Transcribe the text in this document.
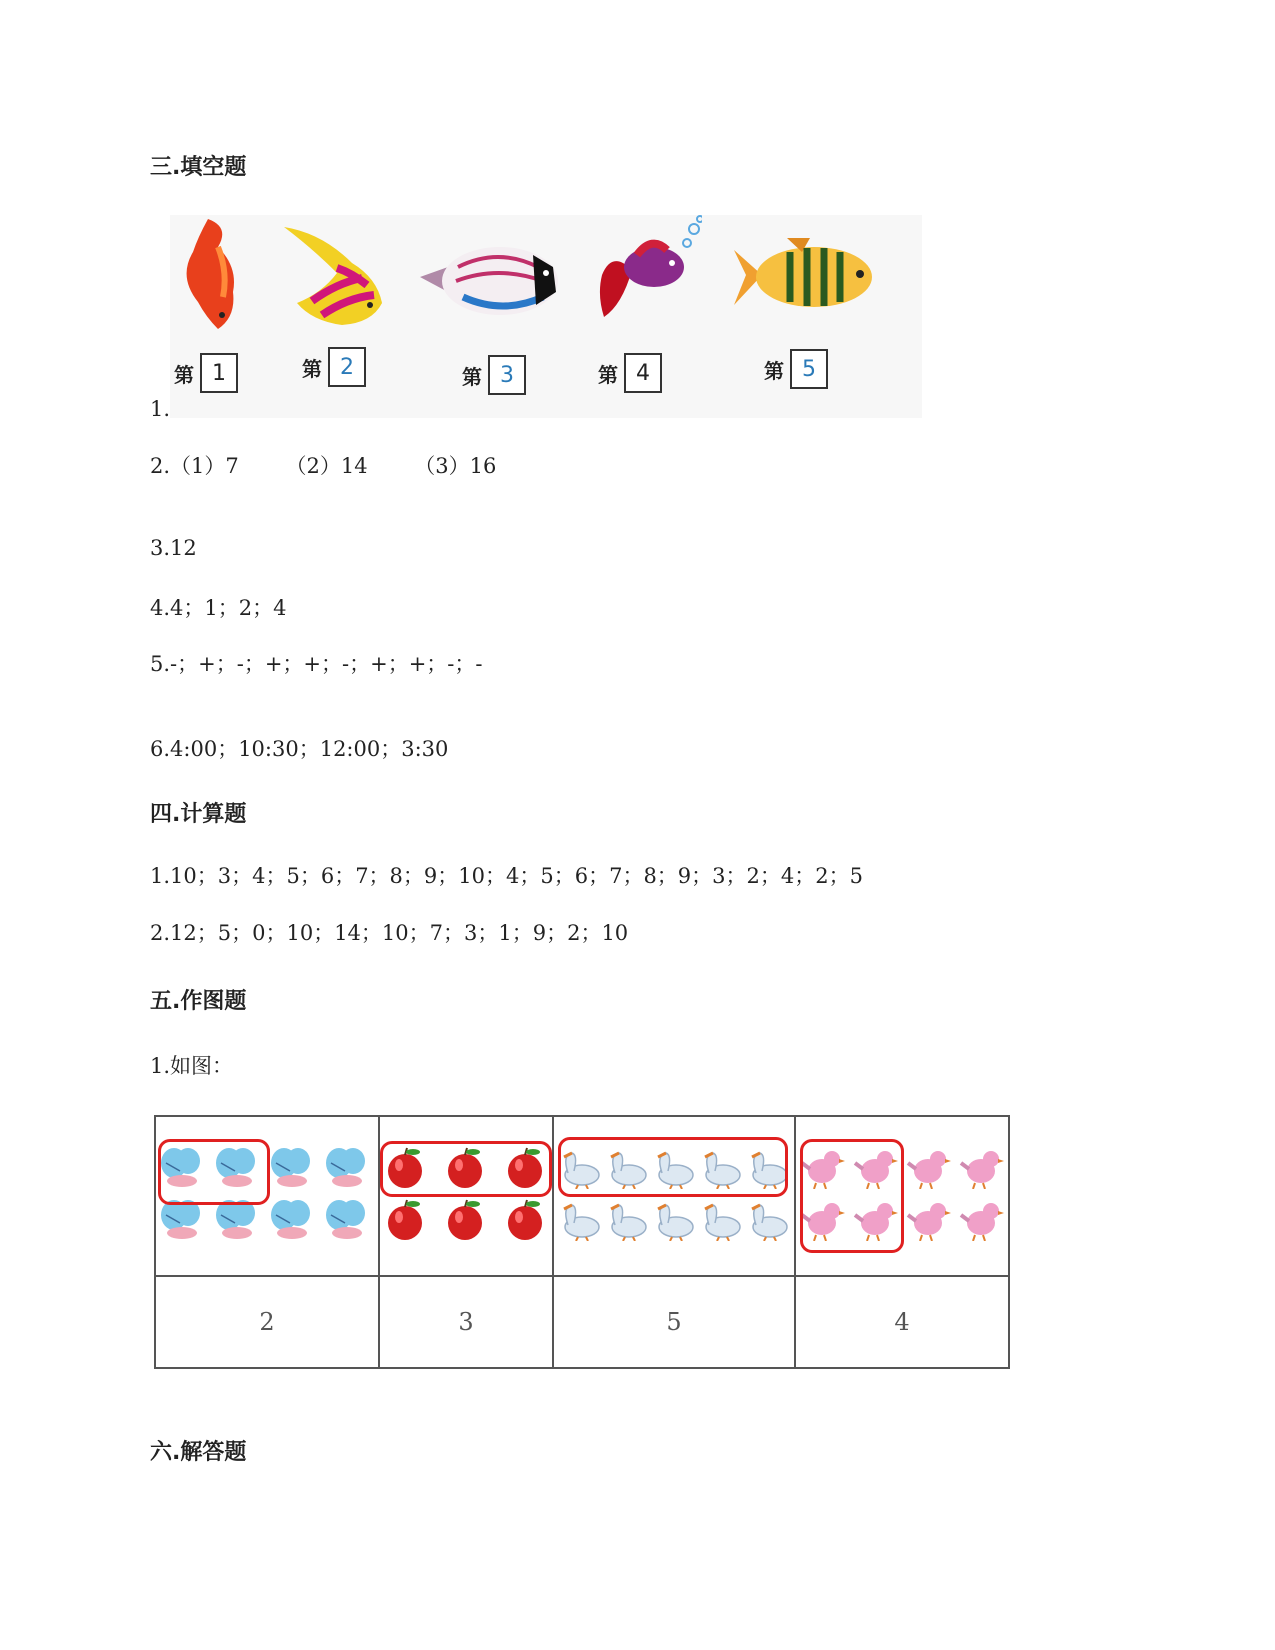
三.填空题
第 1	第 2	第 3	第 4	第 5
1.
2.（1）7       （2）14       （3）16
3.12
4.4；1；2；4
5.-；+；-；+；+；-；+；+；-；-
6.4:00；10:30；12:00；3:30
四.计算题
1.10；3；4；5；6；7；8；9；10；4；5；6；7；8；9；3；2；4；2；5
2.12；5；0；10；14；10；7；3；1；9；2；10
五.作图题
1.如图：

2	3	5	4
六.解答题
